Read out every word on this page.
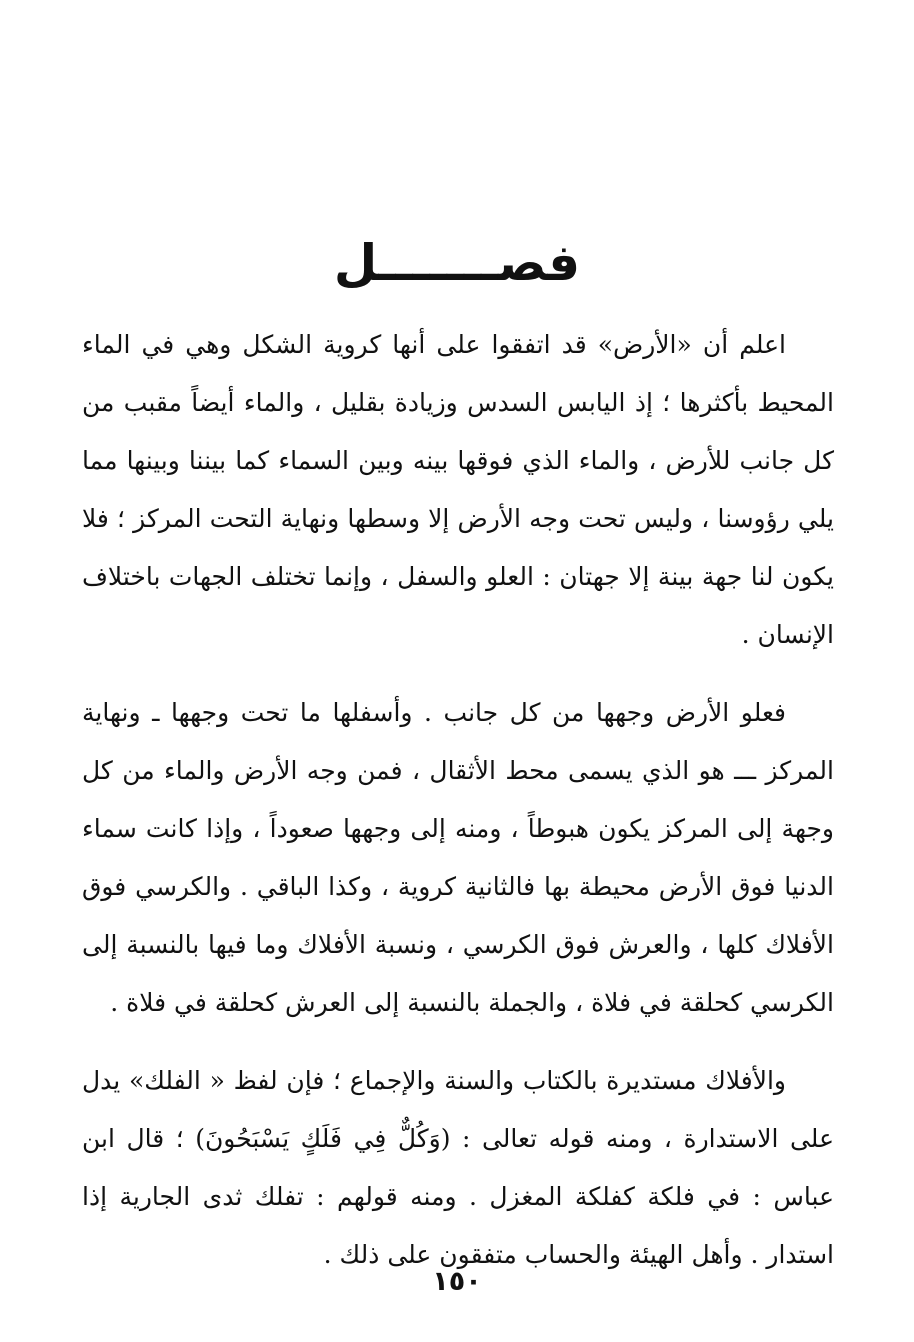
فصـــــــل

اعلم أن «الأرض» قد اتفقوا على أنها كروية الشكل وهي في الماء المحيط بأكثرها ؛ إذ اليابس السدس وزيادة بقليل ، والماء أيضاً مقبب من كل جانب للأرض ، والماء الذي فوقها بينه وبين السماء كما بيننا وبينها مما يلي رؤوسنا ، وليس تحت وجه الأرض إلا وسطها ونهاية التحت المركز ؛ فلا يكون لنا جهة بينة إلا جهتان : العلو والسفل ، وإنما تختلف الجهات باختلاف الإنسان .

فعلو الأرض وجهها من كل جانب . وأسفلها ما تحت وجهها ـ ونهاية المركز ـــ هو الذي يسمى محط الأثقال ، فمن وجه الأرض والماء من كل وجهة إلى المركز يكون هبوطاً ، ومنه إلى وجهها صعوداً ، وإذا كانت سماء الدنيا فوق الأرض محيطة بها فالثانية كروية ، وكذا الباقي . والكرسي فوق الأفلاك كلها ، والعرش فوق الكرسي ، ونسبة الأفلاك وما فيها بالنسبة إلى الكرسي كحلقة في فلاة ، والجملة بالنسبة إلى العرش كحلقة في فلاة .

والأفلاك مستديرة بالكتاب والسنة والإجماع ؛ فإن لفظ « الفلك» يدل على الاستدارة ، ومنه قوله تعالى : (وَكُلٌّ فِي فَلَكٍ يَسْبَحُونَ) ؛ قال ابن عباس : في فلكة كفلكة المغزل . ومنه قولهم : تفلك ثدى الجارية إذا استدار . وأهل الهيئة والحساب متفقون على ذلك .

١٥٠
